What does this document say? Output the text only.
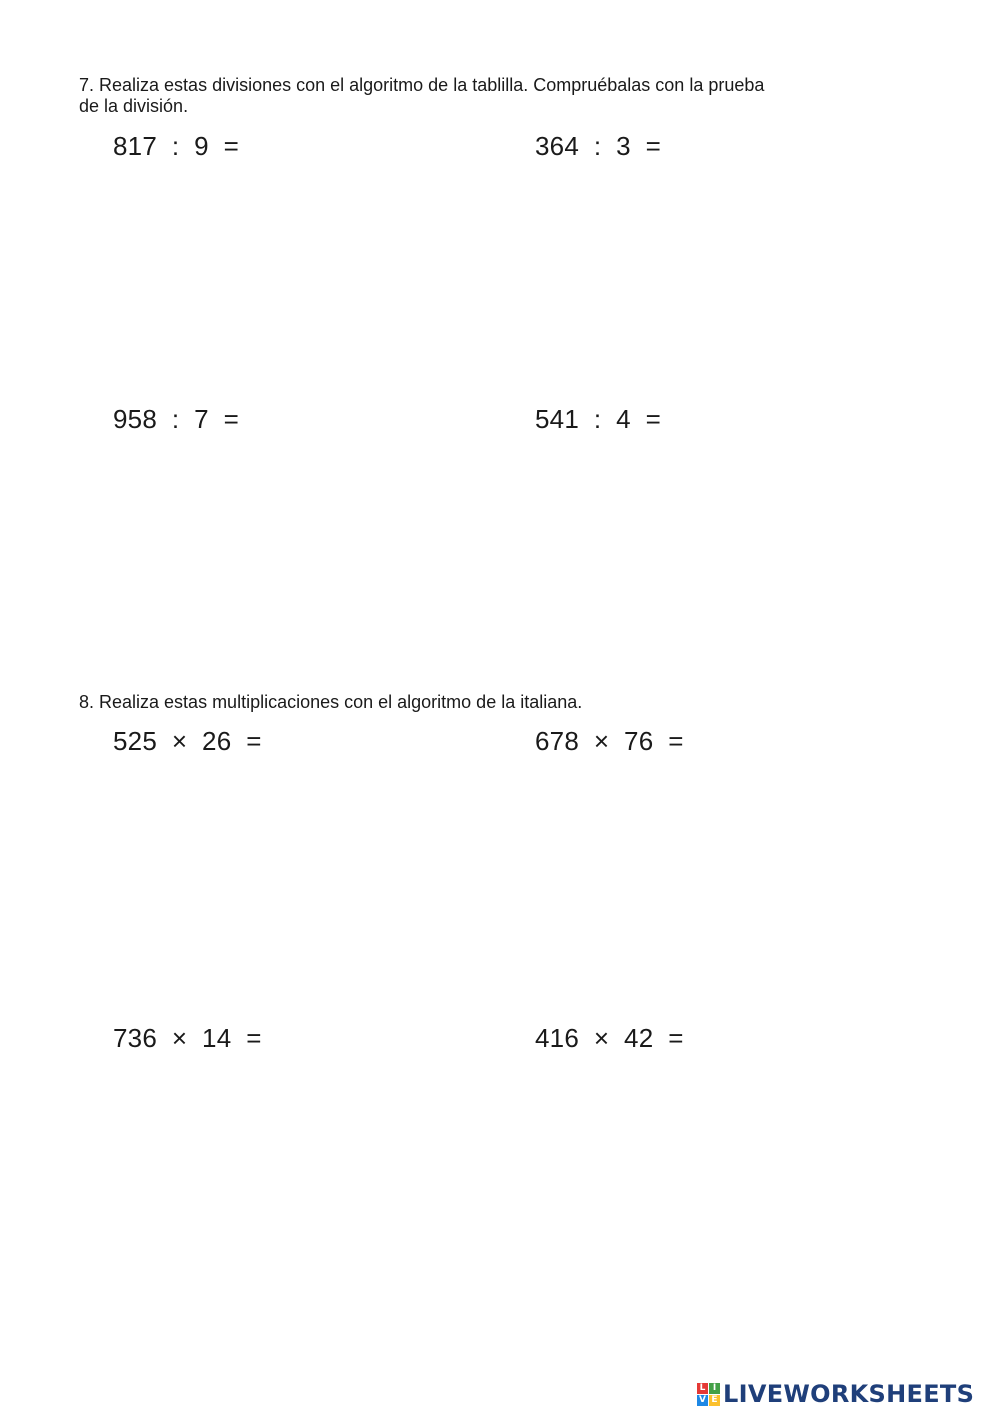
7. Realiza estas divisiones con el algoritmo de la tablilla. Compruébalas con la prueba
de la división.
817  :  9  =	364  :  3  =
958  :  7  =	541  :  4  =
8. Realiza estas multiplicaciones con el algoritmo de la italiana.
525  ×  26  =	678  ×  76  =
736  ×  14  =	416  ×  42  =
L I
V E LIVEWORKSHEETS
